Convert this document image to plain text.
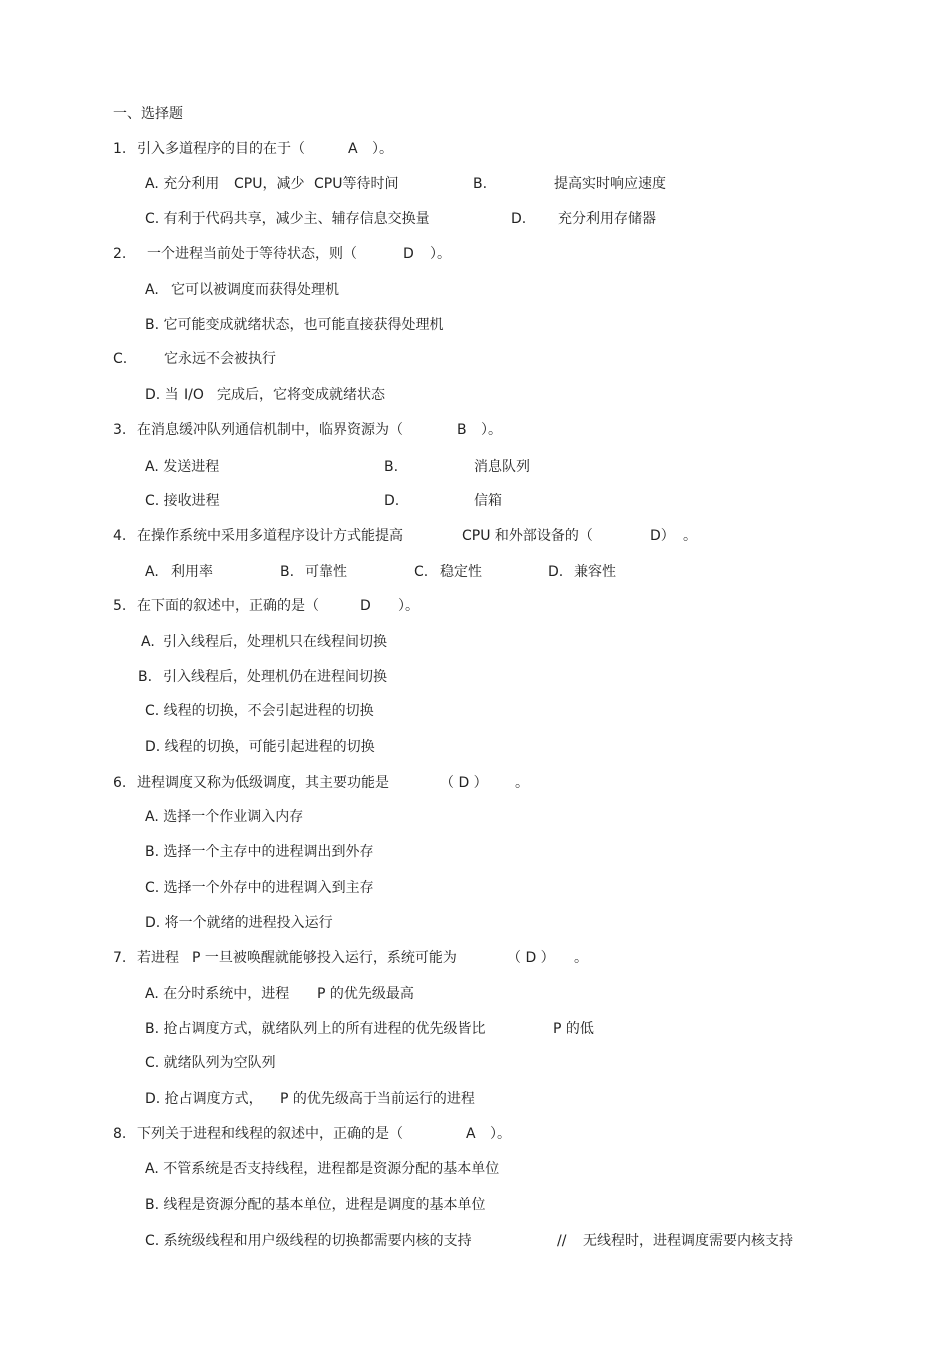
一、选择题
1. 引入多道程序的目的在于（	A ）。
A. 充分利用 CPU，减少 CPU等待时间	B.	提高实时响应速度
C. 有利于代码共享，减少主、辅存信息交换量	D. 充分利用存储器
2. 一个进程当前处于等待状态，则（	D ）。
A. 它可以被调度而获得处理机
B. 它可能变成就绪状态，也可能直接获得处理机
C.	它永远不会被执行
D. 当 I/O 完成后，它将变成就绪状态
3. 在消息缓冲队列通信机制中，临界资源为（	B ）。
A. 发送进程	B.	消息队列
C. 接收进程	D.	信箱
4. 在操作系统中采用多道程序设计方式能提高	CPU 和外部设备的（	D） 。
A. 利用率	B. 可靠性	C. 稳定性	D. 兼容性
5. 在下面的叙述中，正确的是（	D ）。
A. 引入线程后，处理机只在线程间切换
B. 引入线程后，处理机仍在进程间切换
C. 线程的切换，不会引起进程的切换
D. 线程的切换，可能引起进程的切换
6. 进程调度又称为低级调度，其主要功能是	（ D ） 。
A. 选择一个作业调入内存
B. 选择一个主存中的进程调出到外存
C. 选择一个外存中的进程调入到主存
D. 将一个就绪的进程投入运行
7. 若进程 P 一旦被唤醒就能够投入运行，系统可能为	（ D ） 。
A. 在分时系统中，进程 P 的优先级最高
B. 抢占调度方式，就绪队列上的所有进程的优先级皆比	P 的低
C. 就绪队列为空队列
D. 抢占调度方式， P 的优先级高于当前运行的进程
8. 下列关于进程和线程的叙述中，正确的是（	A ）。
A. 不管系统是否支持线程，进程都是资源分配的基本单位
B. 线程是资源分配的基本单位，进程是调度的基本单位
C. 系统级线程和用户级线程的切换都需要内核的支持	// 无线程时，进程调度需要内核支持
